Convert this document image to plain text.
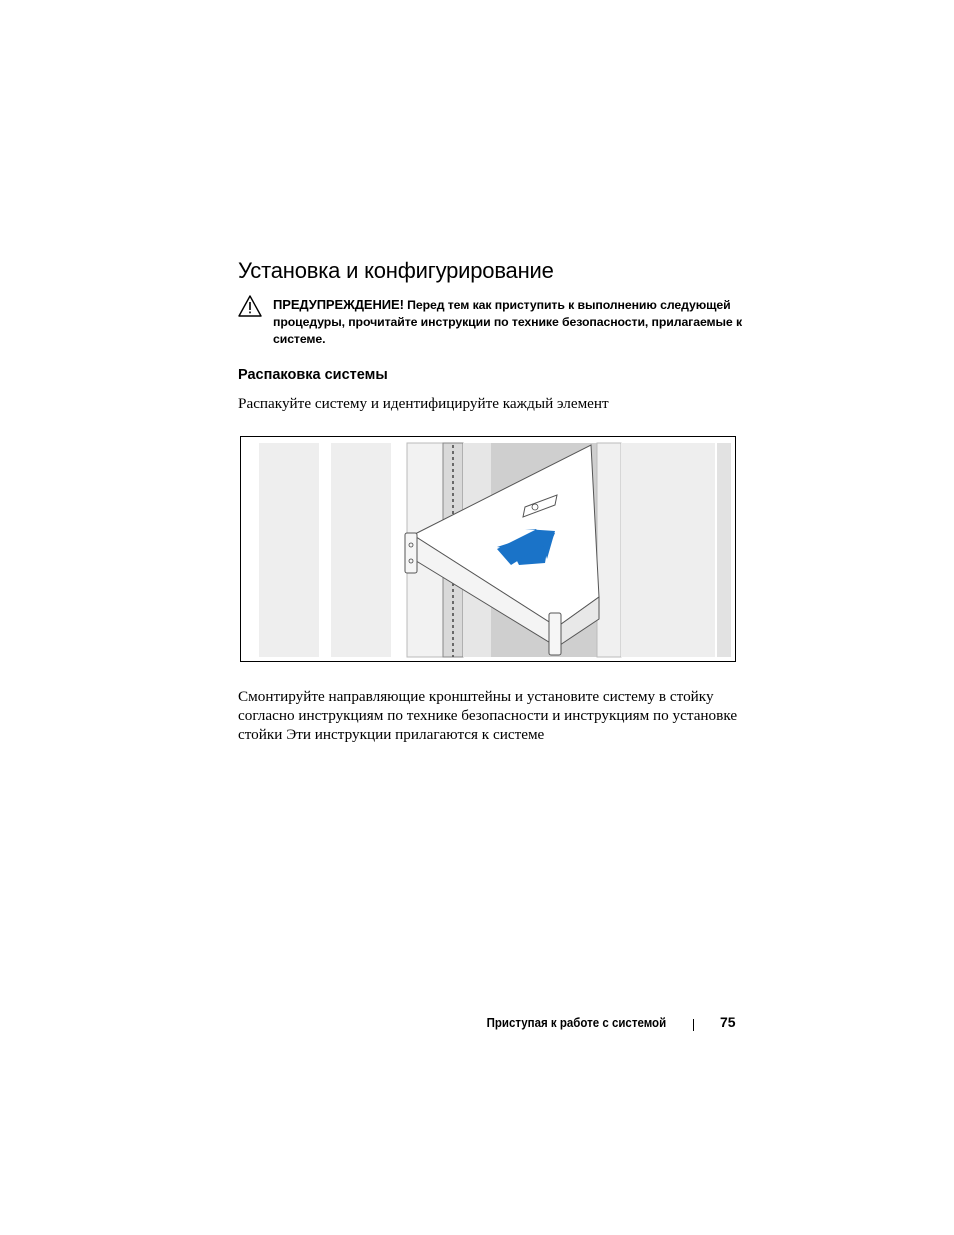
Установка и конфигурирование
ПРЕДУПРЕЖДЕНИЕ! Перед тем как приступить к выполнению следующей процедуры, прочитайте инструкции по технике безопасности, прилагаемые к системе.
Распаковка системы
Распакуйте систему и идентифицируйте каждый элемент
Смонтируйте направляющие кронштейны и установите систему в стойку согласно инструкциям по технике безопасности и инструкциям по установке стойки Эти инструкции прилагаются к системе
Приступая к работе с системой	75
